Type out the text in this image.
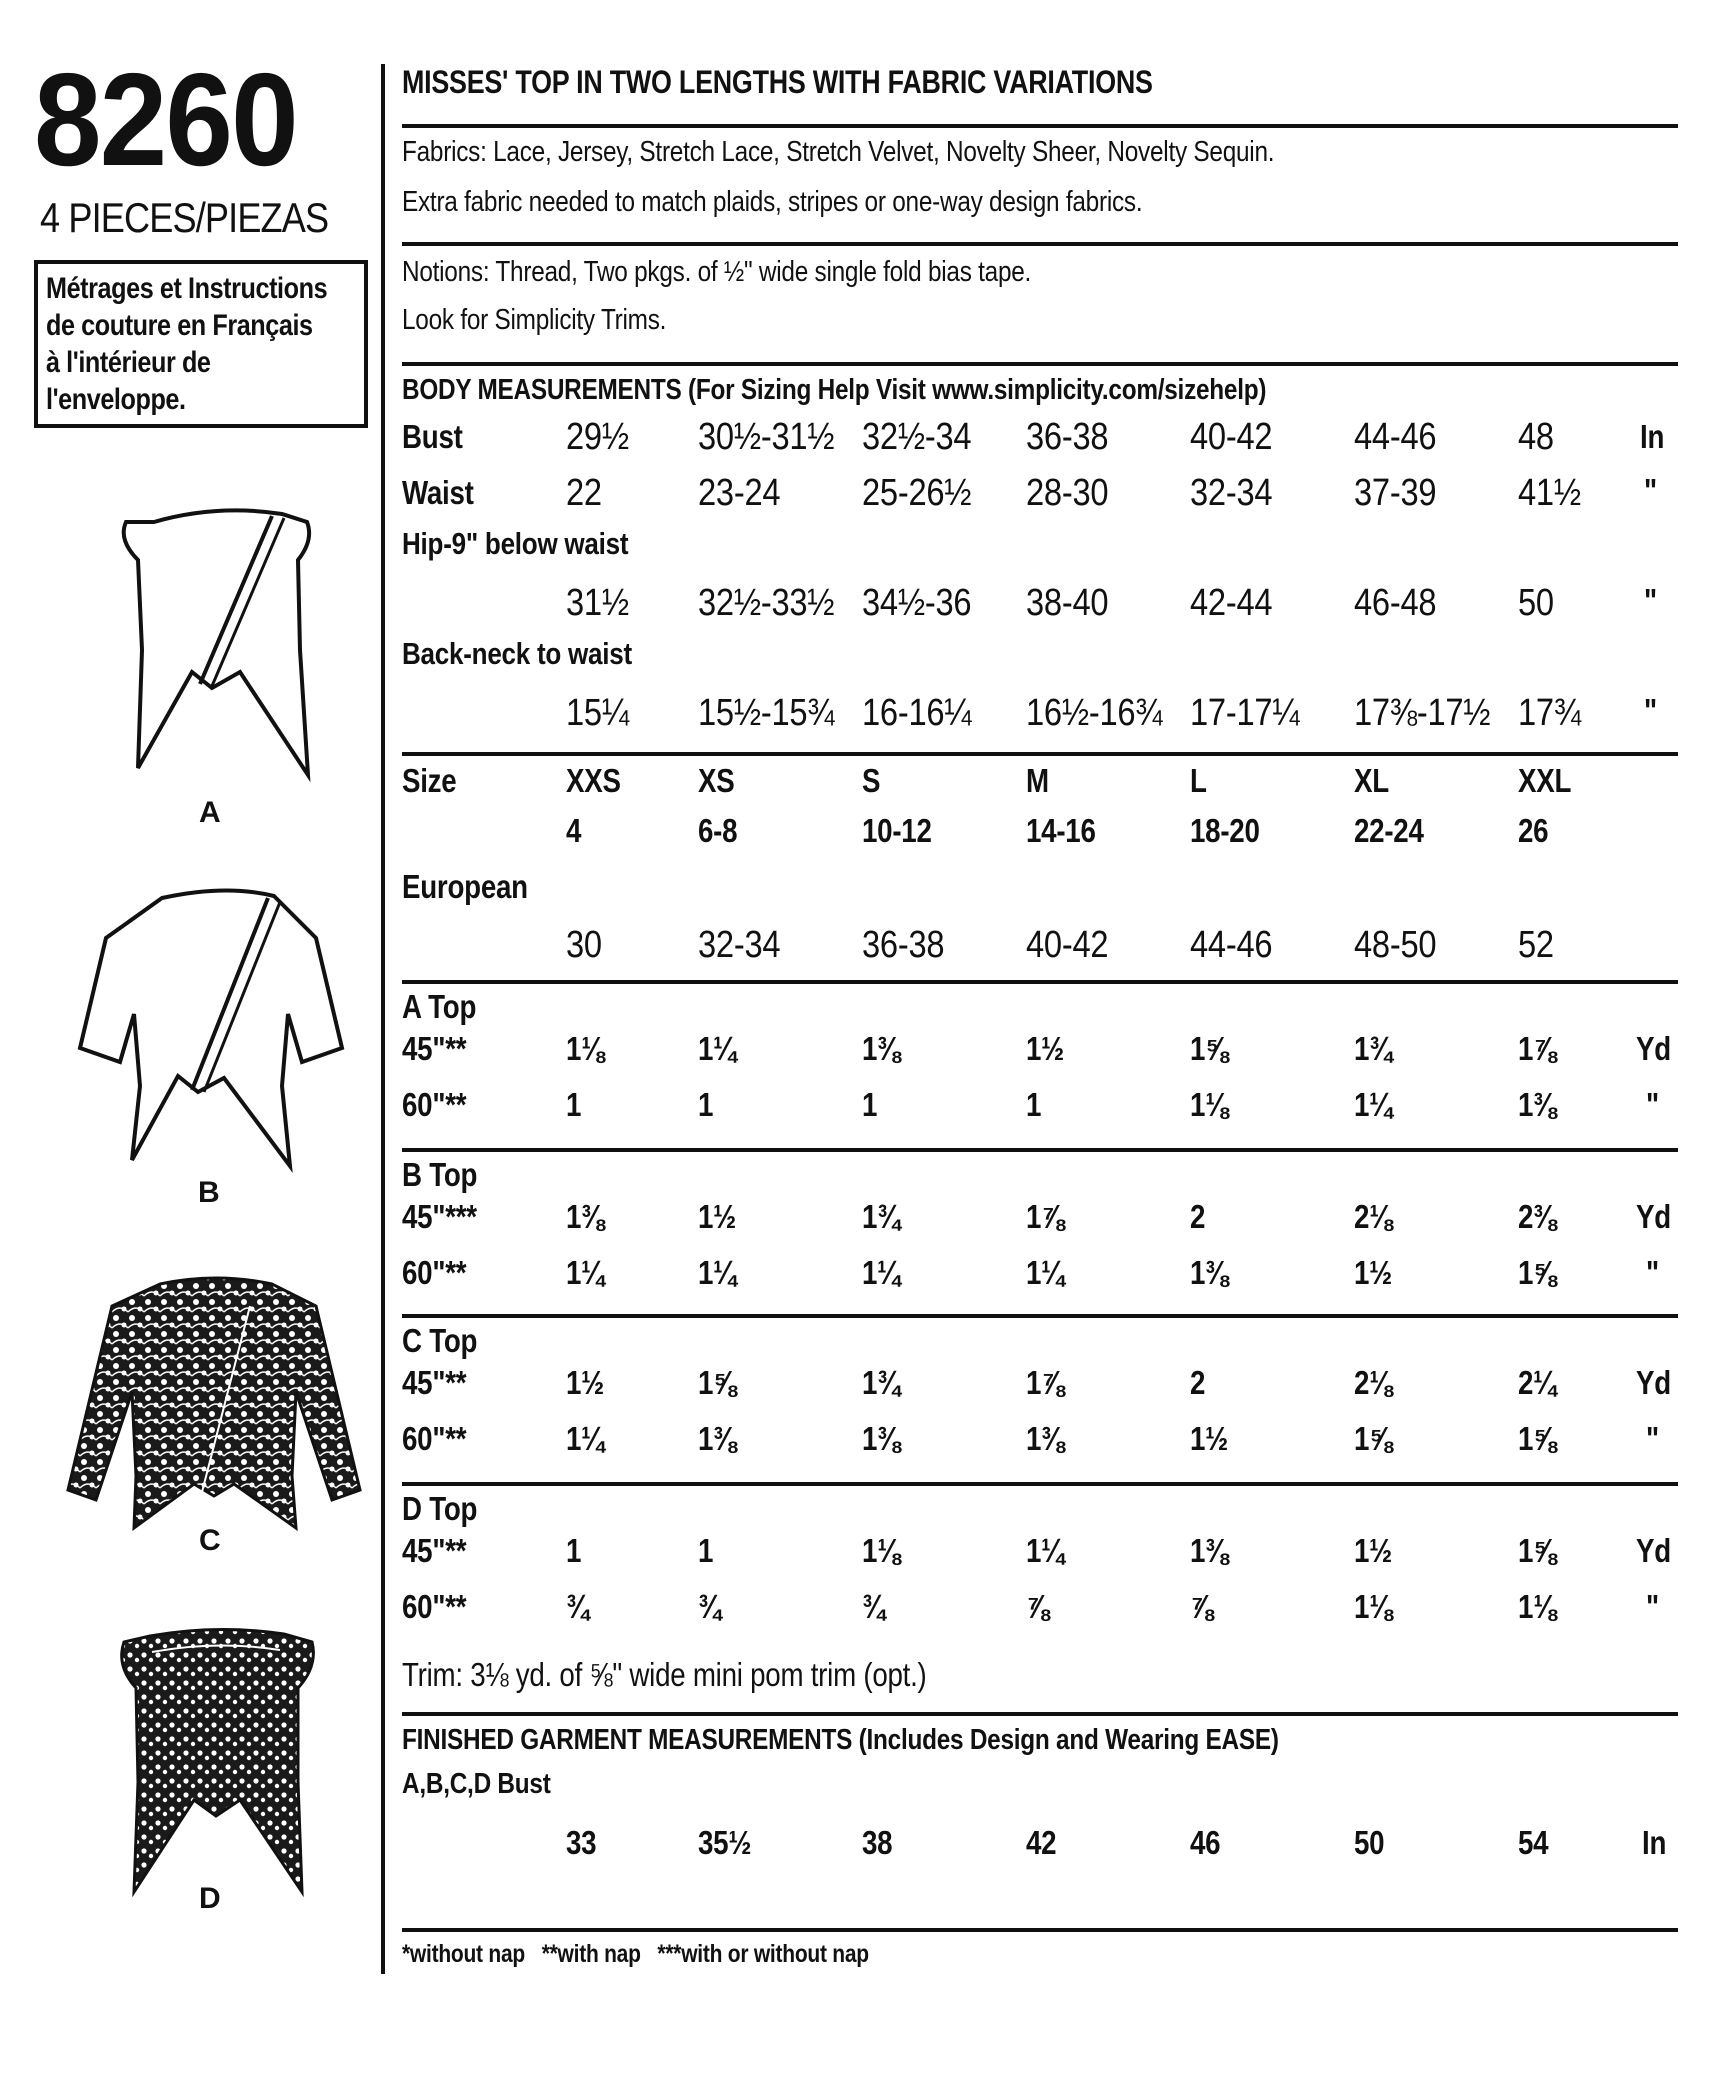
8260
4 PIECES/PIEZAS
Métrages et Instructions
de couture en Français
à l'intérieur de
l'enveloppe.
A
B
C
D
MISSES' TOP IN TWO LENGTHS WITH FABRIC VARIATIONS
Fabrics: Lace, Jersey, Stretch Lace, Stretch Velvet, Novelty Sheer, Novelty Sequin.
Extra fabric needed to match plaids, stripes or one-way design fabrics.
Notions: Thread, Two pkgs. of ½" wide single fold bias tape.
Look for Simplicity Trims.
BODY MEASUREMENTS (For Sizing Help Visit www.simplicity.com/sizehelp)
Bust	29½ 30½-31½ 32½-34 36-38 40-42 44-46 48	In
Waist 22	23-24 25-26½ 28-30 32-34 37-39 41½ "
Hip-9" below waist
31½ 32½-33½ 34½-36 38-40 42-44 46-48 50	"
Back-neck to waist
15¼ 15½-15¾ 16-16¼ 16½-16¾ 17-17¼ 17⅜-17½ 17¾ "
Size	XXS XS	S	M	L	XL	XXL
4	6-8	10-12	14-16	18-20	22-24	26
European
30	32-34 36-38 40-42 44-46 48-50 52
A Top
45"**	1⅛	1¼	1⅜	1½	1⅝	1¾	1⅞ Yd
60"**	1	1	1	1	1⅛	1¼	1⅜	"
B Top
45"***	1⅜	1½	1¾	1⅞	2	2⅛	2⅜ Yd
60"**	1¼	1¼	1¼	1¼	1⅜	1½	1⅝	"
C Top
45"**	1½	1⅝	1¾	1⅞	2	2⅛	2¼ Yd
60"**	1¼	1⅜	1⅜	1⅜	1½	1⅝	1⅝	"
D Top
45"**	1	1	1⅛	1¼	1⅜	1½	1⅝ Yd
60"**	¾	¾	¾	⅞	⅞	1⅛	1⅛	"
Trim: 3⅛ yd. of ⅝" wide mini pom trim (opt.)
FINISHED GARMENT MEASUREMENTS (Includes Design and Wearing EASE)
A,B,C,D Bust
33	35½	38	42	46	50	54	In
*without nap   **with nap   ***with or without nap
